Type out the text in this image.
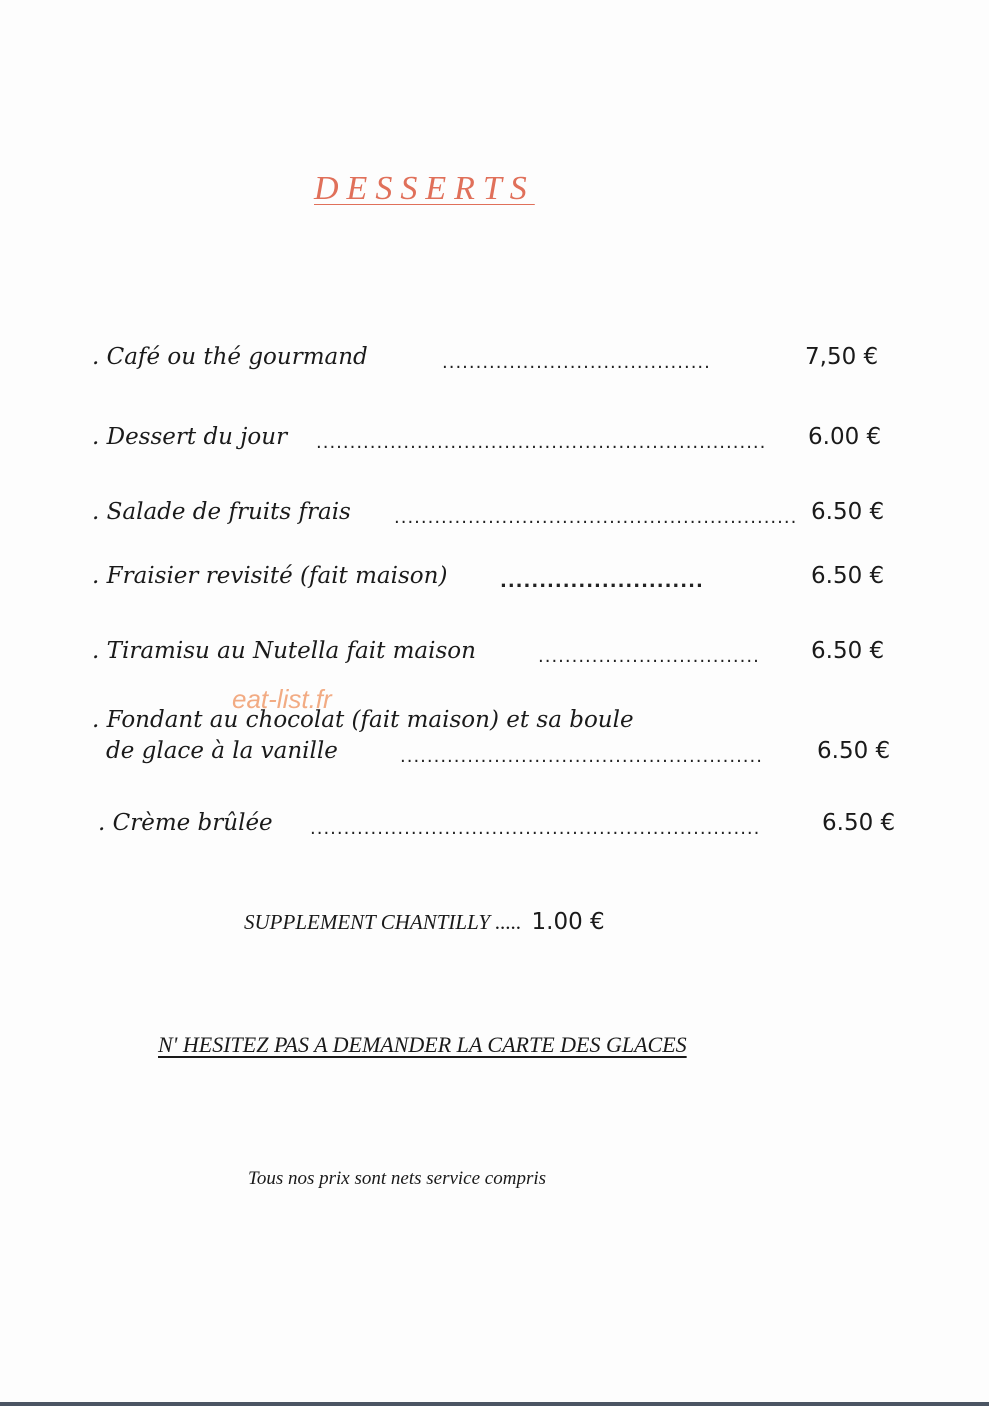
DESSERTS
. Café ou thé gourmand	........................................	7,50 €
. Dessert du jour ................................................................... 6.00 €
. Salade de fruits frais ............................................................ 6.50 €
. Fraisier revisité (fait maison)	..........................	6.50 €
. Tiramisu au Nutella fait maison	................................. 6.50 €
eat-list.fr
. Fondant au chocolat (fait maison) et sa boule
de glace à la vanille	...................................................... 6.50 €
. Crème brûlée ...................................................................	6.50 €
SUPPLEMENT CHANTILLY ..... 1.00 €
N' HESITEZ PAS A DEMANDER LA CARTE DES GLACES
Tous nos prix sont nets service compris
